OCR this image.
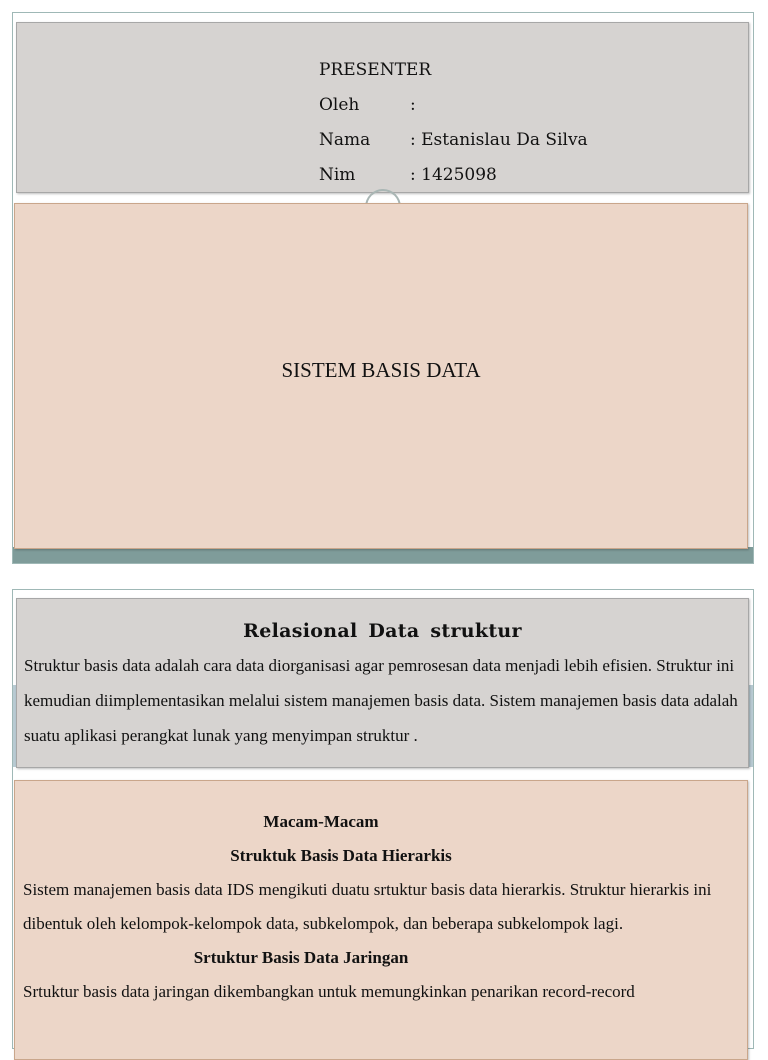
PRESENTER
Oleh	:
Nama	: Estanislau Da Silva
Nim	: 1425098
SISTEM BASIS DATA
Relasional Data struktur
Struktur basis data adalah cara data diorganisasi agar pemrosesan data menjadi lebih efisien. Struktur ini kemudian diimplementasikan melalui sistem manajemen basis data. Sistem manajemen basis data adalah suatu aplikasi perangkat lunak yang menyimpan struktur .
Macam-Macam
Struktuk Basis Data Hierarkis
Sistem manajemen basis data IDS mengikuti duatu srtuktur basis data hierarkis. Struktur hierarkis ini dibentuk oleh kelompok-kelompok data, subkelompok, dan beberapa subkelompok lagi.
Srtuktur Basis Data Jaringan
Srtuktur basis data jaringan dikembangkan untuk memungkinkan penarikan record-record
